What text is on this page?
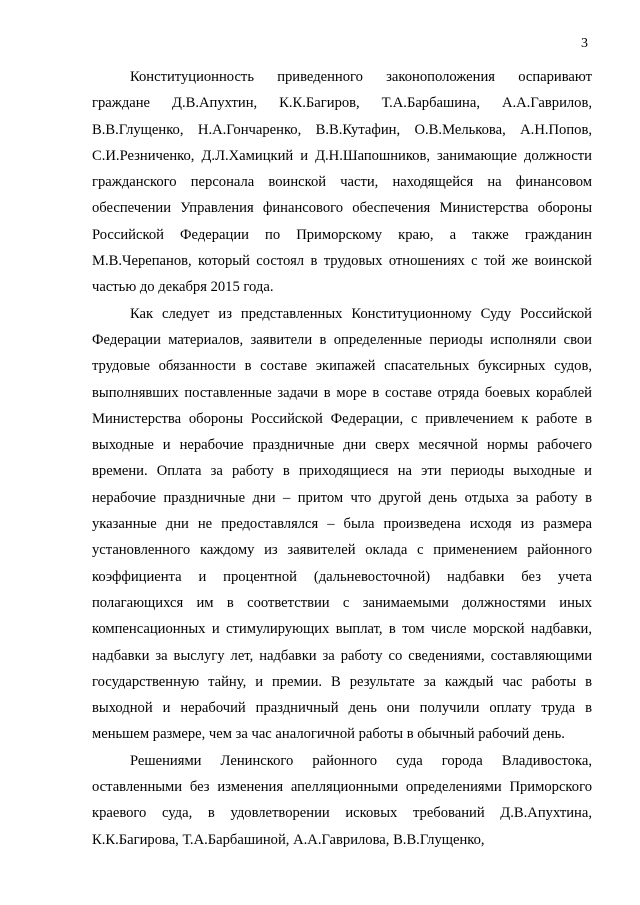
3

Конституционность приведенного законоположения оспаривают граждане Д.В.Апухтин, К.К.Багиров, Т.А.Барбашина, А.А.Гаврилов, В.В.Глущенко, Н.А.Гончаренко, В.В.Кутафин, О.В.Мелькова, А.Н.Попов, С.И.Резниченко, Д.Л.Хамицкий и Д.Н.Шапошников, занимающие должности гражданского персонала воинской части, находящейся на финансовом обеспечении Управления финансового обеспечения Министерства обороны Российской Федерации по Приморскому краю, а также гражданин М.В.Черепанов, который состоял в трудовых отношениях с той же воинской частью до декабря 2015 года.

Как следует из представленных Конституционному Суду Российской Федерации материалов, заявители в определенные периоды исполняли свои трудовые обязанности в составе экипажей спасательных буксирных судов, выполнявших поставленные задачи в море в составе отряда боевых кораблей Министерства обороны Российской Федерации, с привлечением к работе в выходные и нерабочие праздничные дни сверх месячной нормы рабочего времени. Оплата за работу в приходящиеся на эти периоды выходные и нерабочие праздничные дни – притом что другой день отдыха за работу в указанные дни не предоставлялся – была произведена исходя из размера установленного каждому из заявителей оклада с применением районного коэффициента и процентной (дальневосточной) надбавки без учета полагающихся им в соответствии с занимаемыми должностями иных компенсационных и стимулирующих выплат, в том числе морской надбавки, надбавки за выслугу лет, надбавки за работу со сведениями, составляющими государственную тайну, и премии. В результате за каждый час работы в выходной и нерабочий праздничный день они получили оплату труда в меньшем размере, чем за час аналогичной работы в обычный рабочий день.

Решениями Ленинского районного суда города Владивостока, оставленными без изменения апелляционными определениями Приморского краевого суда, в удовлетворении исковых требований Д.В.Апухтина, К.К.Багирова, Т.А.Барбашиной, А.А.Гаврилова, В.В.Глущенко,
